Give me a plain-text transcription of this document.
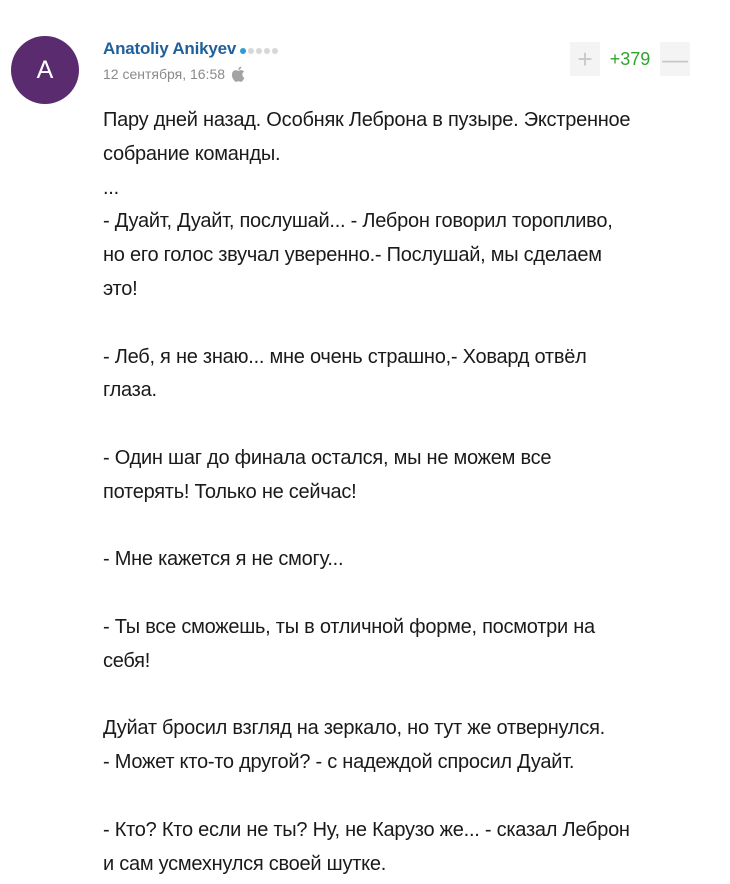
A
Anatoliy Anikyev
12 сентября, 16:58	+ +379 —
Пару дней назад. Особняк Леброна в пузыре. Экстренное
собрание команды.
...
- Дуайт, Дуайт, послушай... - Леброн говорил торопливо,
но его голос звучал уверенно.- Послушай, мы сделаем
это!
- Леб, я не знаю... мне очень страшно,- Ховард отвёл
глаза.
- Один шаг до финала остался, мы не можем все
потерять! Только не сейчас!
- Мне кажется я не смогу...
- Ты все сможешь, ты в отличной форме, посмотри на
себя!
Дуйат бросил взгляд на зеркало, но тут же отвернулся.
- Может кто-то другой? - с надеждой спросил Дуайт.
- Кто? Кто если не ты? Ну, не Карузо же... - сказал Леброн
и сам усмехнулся своей шутке.
